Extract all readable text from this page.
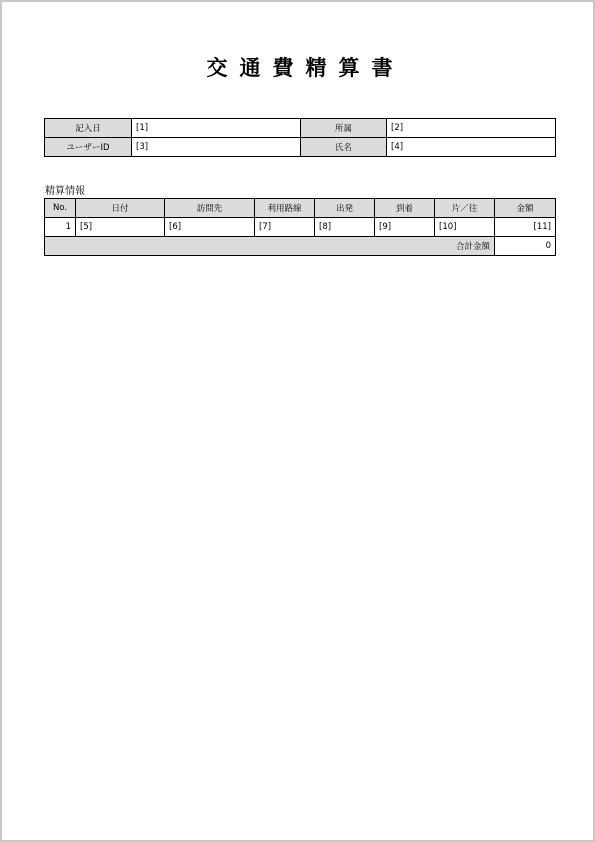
交通費精算書
記入日	[1]	所属	[2]
ユーザーID	[3]	氏名	[4]
精算情報
No.	日付	訪問先	利用路線	出発	到着	片／往	金額
1	[5]	[6]	[7]	[8]	[9]	[10]	[11]
合計金額							0
